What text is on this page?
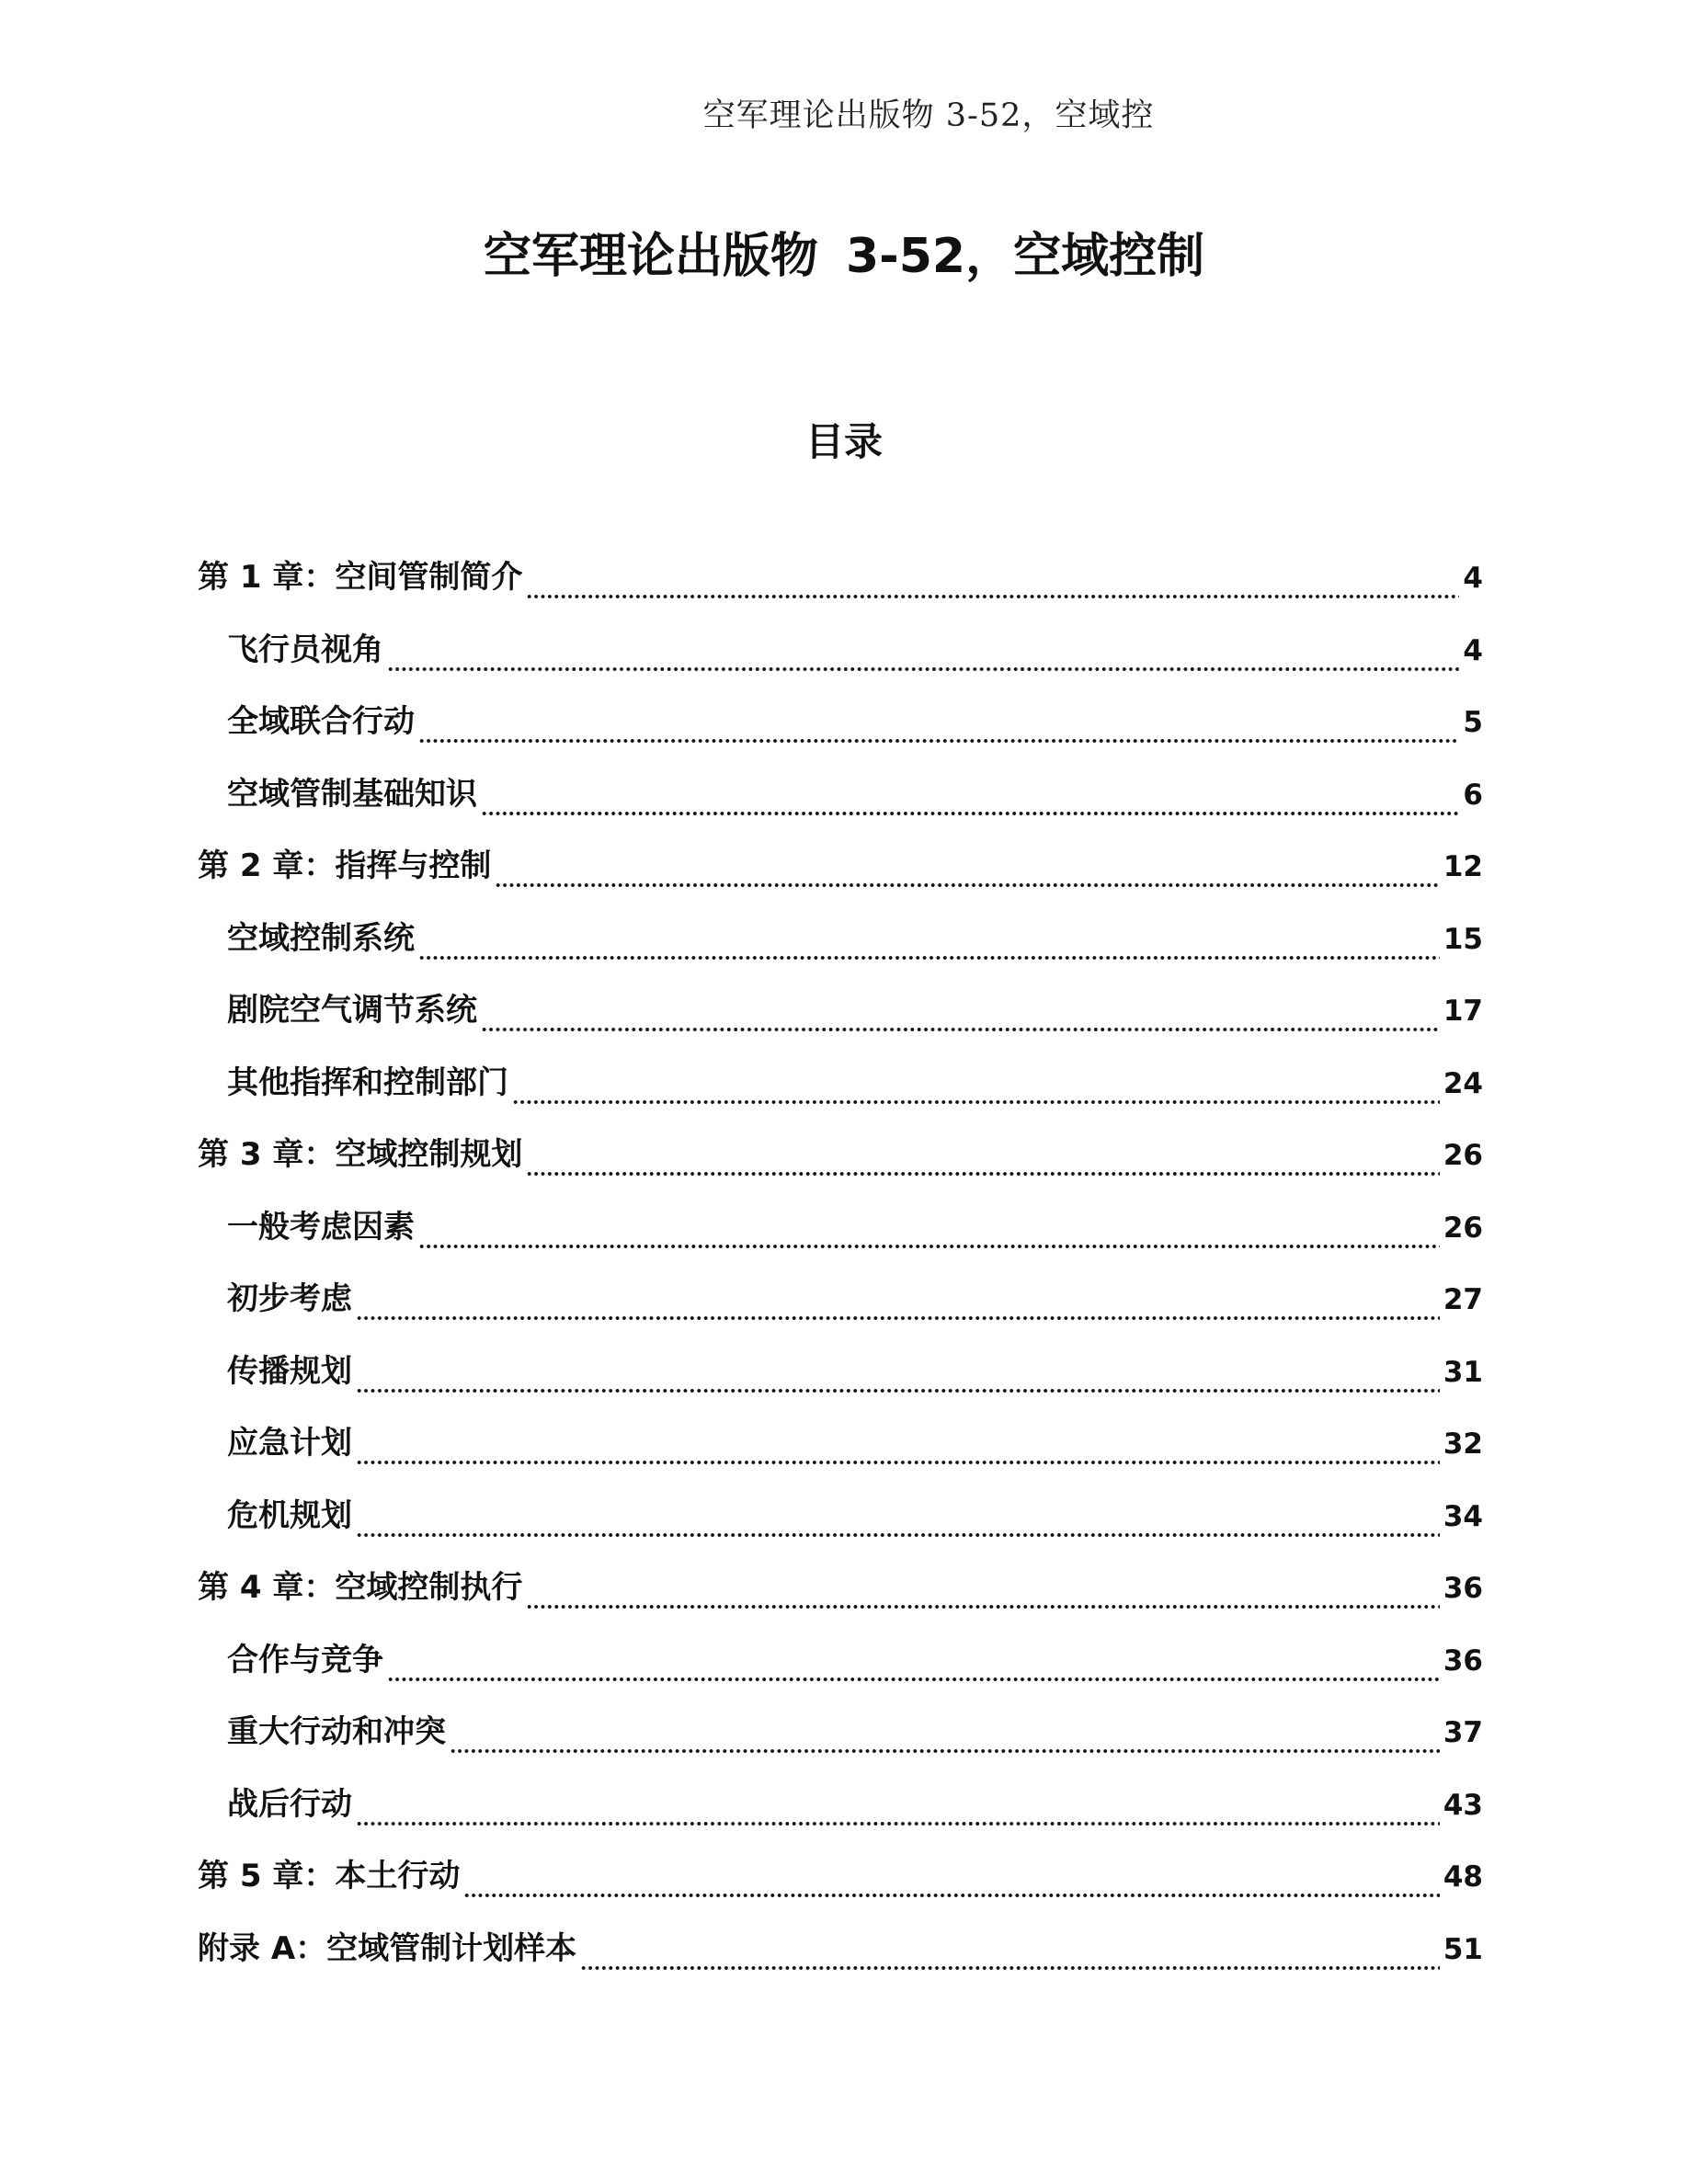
空军理论出版物 3-52，空域控
空军理论出版物 3-52，空域控制
目录
第 1 章：空间管制简介	4
飞行员视角	4
全域联合行动	5
空域管制基础知识	6
第 2 章：指挥与控制	12
空域控制系统	15
剧院空气调节系统	17
其他指挥和控制部门	24
第 3 章：空域控制规划	26
一般考虑因素	26
初步考虑	27
传播规划	31
应急计划	32
危机规划	34
第 4 章：空域控制执行	36
合作与竞争	36
重大行动和冲突	37
战后行动	43
第 5 章：本土行动	48
附录 A：空域管制计划样本	51
